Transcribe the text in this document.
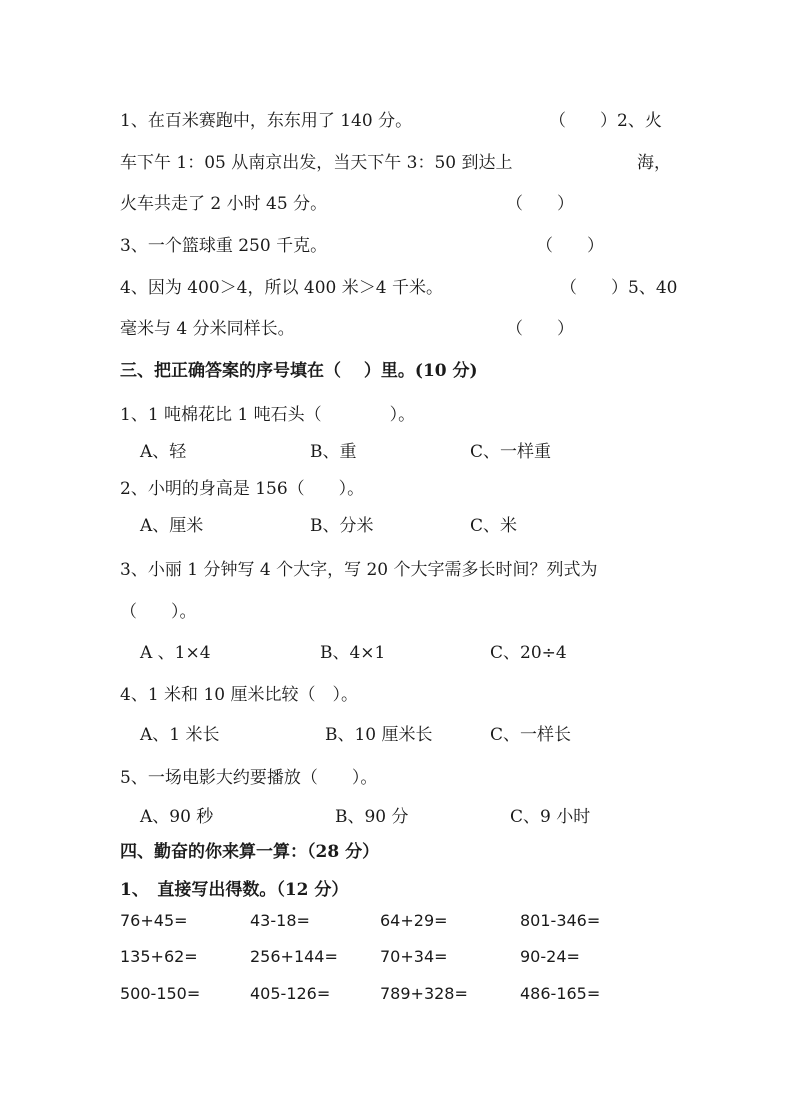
1、在百米赛跑中，东东用了 140 分。	（　　）2、火
车下午 1：05 从南京出发，当天下午 3：50 到达上	海，
火车共走了 2 小时 45 分。	（　　）
3、一个篮球重 250 千克。	（　　）
4、因为 400＞4，所以 400 米＞4 千米。	（　　）5、40
毫米与 4 分米同样长。	（　　）
三、把正确答案的序号填在（　 ）里。(10 分)
1、1 吨棉花比 1 吨石头（　　　　）。
A、轻	B、重	C、一样重
2、小明的身高是 156（　　）。
A、厘米	B、分米	C、米
3、小丽 1 分钟写 4 个大字，写 20 个大字需多长时间？列式为
（　　）。
A 、1×4	B、4×1	C、20÷4
4、1 米和 10 厘米比较（　）。
A、1 米长	B、10 厘米长	C、一样长
5、一场电影大约要播放（　　）。
A、90 秒	B、90 分	C、9 小时
四、勤奋的你来算一算：（28 分）
1、　直接写出得数。（12 分）
76+45=	43-18=	64+29=	801-346=
135+62=	256+144=	70+34=	90-24=
500-150=	405-126=	789+328=	486-165=
